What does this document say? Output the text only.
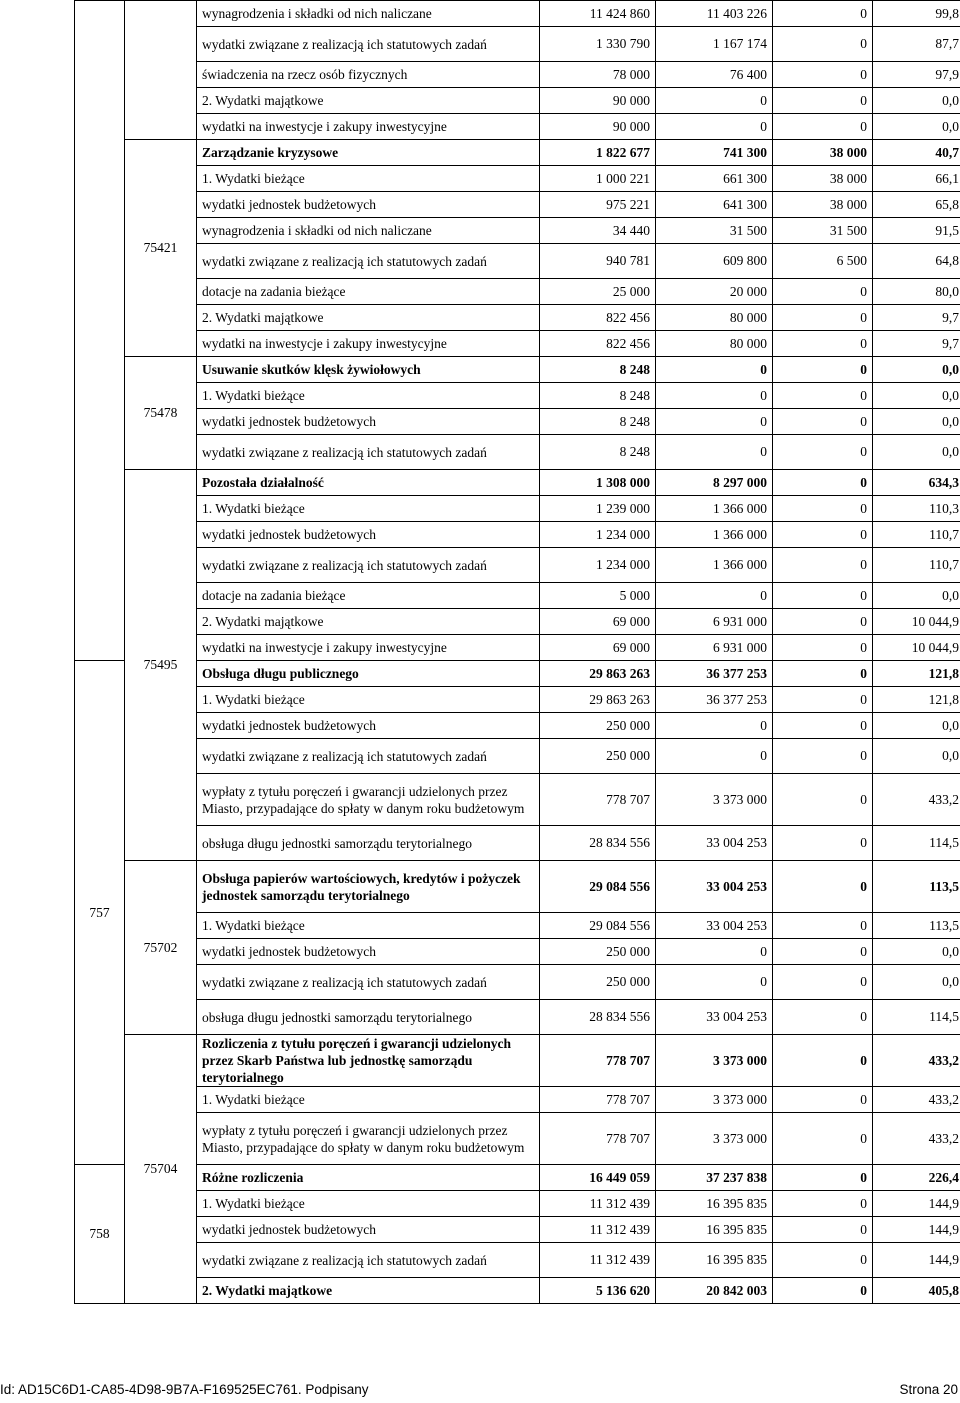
		wynagrodzenia i składki od nich naliczane	11 424 860	11 403 226	0	99,8
		wydatki związane z realizacją ich statutowych zadań	1 330 790	1 167 174	0	87,7
		świadczenia na rzecz osób fizycznych	78 000	76 400	0	97,9
		2. Wydatki majątkowe	90 000	0	0	0,0
		wydatki na inwestycje i zakupy inwestycyjne	90 000	0	0	0,0
	75421	Zarządzanie kryzysowe	1 822 677	741 300	38 000	40,7
		1. Wydatki bieżące	1 000 221	661 300	38 000	66,1
		wydatki jednostek budżetowych	975 221	641 300	38 000	65,8
		wynagrodzenia i składki od nich naliczane	34 440	31 500	31 500	91,5
		wydatki związane z realizacją ich statutowych zadań	940 781	609 800	6 500	64,8
		dotacje na zadania bieżące	25 000	20 000	0	80,0
		2. Wydatki majątkowe	822 456	80 000	0	9,7
		wydatki na inwestycje i zakupy inwestycyjne	822 456	80 000	0	9,7
	75478	Usuwanie skutków klęsk żywiołowych	8 248	0	0	0,0
		1. Wydatki bieżące	8 248	0	0	0,0
		wydatki jednostek budżetowych	8 248	0	0	0,0
		wydatki związane z realizacją ich statutowych zadań	8 248	0	0	0,0
	75495	Pozostała działalność	1 308 000	8 297 000	0	634,3
		1. Wydatki bieżące	1 239 000	1 366 000	0	110,3
		wydatki jednostek budżetowych	1 234 000	1 366 000	0	110,7
		wydatki związane z realizacją ich statutowych zadań	1 234 000	1 366 000	0	110,7
		dotacje na zadania bieżące	5 000	0	0	0,0
		2. Wydatki majątkowe	69 000	6 931 000	0	10 044,9
		wydatki na inwestycje i zakupy inwestycyjne	69 000	6 931 000	0	10 044,9
757		Obsługa długu publicznego	29 863 263	36 377 253	0	121,8
		1. Wydatki bieżące	29 863 263	36 377 253	0	121,8
		wydatki jednostek budżetowych	250 000	0	0	0,0
		wydatki związane z realizacją ich statutowych zadań	250 000	0	0	0,0
		wypłaty z tytułu poręczeń i gwarancji udzielonych przez Miasto, przypadające do spłaty w danym roku budżetowym	778 707	3 373 000	0	433,2
		obsługa długu jednostki samorządu terytorialnego	28 834 556	33 004 253	0	114,5
	75702	Obsługa papierów wartościowych, kredytów i pożyczek jednostek samorządu terytorialnego	29 084 556	33 004 253	0	113,5
		1. Wydatki bieżące	29 084 556	33 004 253	0	113,5
		wydatki jednostek budżetowych	250 000	0	0	0,0
		wydatki związane z realizacją ich statutowych zadań	250 000	0	0	0,0
		obsługa długu jednostki samorządu terytorialnego	28 834 556	33 004 253	0	114,5
	75704	Rozliczenia z tytułu poręczeń i gwarancji udzielonych przez Skarb Państwa lub jednostkę samorządu terytorialnego	778 707	3 373 000	0	433,2
		1. Wydatki bieżące	778 707	3 373 000	0	433,2
		wypłaty z tytułu poręczeń i gwarancji udzielonych przez Miasto, przypadające do spłaty w danym roku budżetowym	778 707	3 373 000	0	433,2
758		Różne rozliczenia	16 449 059	37 237 838	0	226,4
		1. Wydatki bieżące	11 312 439	16 395 835	0	144,9
		wydatki jednostek budżetowych	11 312 439	16 395 835	0	144,9
		wydatki związane z realizacją ich statutowych zadań	11 312 439	16 395 835	0	144,9
		2. Wydatki majątkowe	5 136 620	20 842 003	0	405,8
Id: AD15C6D1-CA85-4D98-9B7A-F169525EC761. Podpisany	Strona 20
